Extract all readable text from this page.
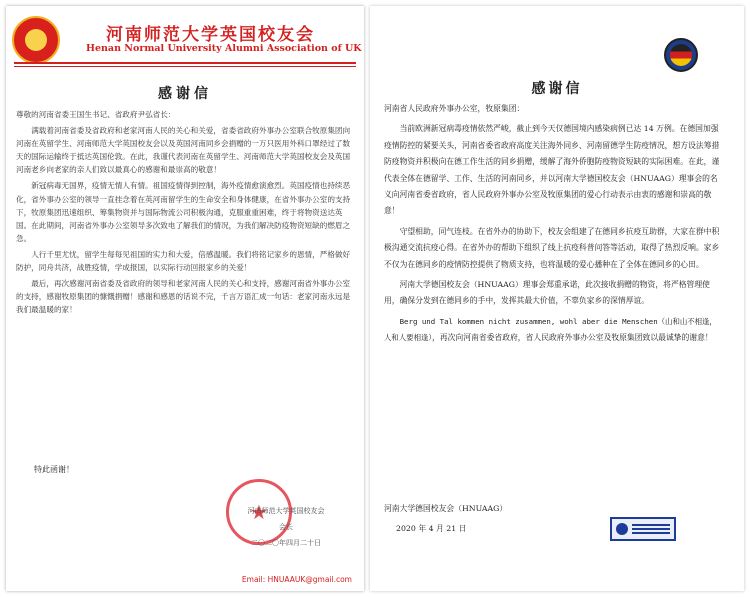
河南师范大学英国校友会
Henan Normal University Alumni Association of UK
感谢信

尊敬的河南省委王国生书记、省政府尹弘省长：

满载着河南省委及省政府和老家河南人民的关心和关爱，省委省政府外事办公室联合牧原集团向河南在英留学生、河南师范大学英国校友会以及英国河南同乡会捐赠的一万只医用外科口罩经过了数天的国际运输终于抵达英国伦敦。在此，我谨代表河南在英留学生、河南师范大学英国校友会及英国河南老乡向老家的亲人们致以最真心的感谢和最崇高的敬意！

新冠病毒无国界，疫情无情人有情。祖国疫情得到控制，海外疫情愈演愈烈。英国疫情也持续恶化，省外事办公室的领导一直挂念着在英河南留学生的生命安全和身体健康，在省外事办公室的支持下，牧原集团迅速组织、筹集物资并与国际物流公司积极沟通，克服重重困难，终于将物资送达英国。在此期间，河南省外事办公室领导多次致电了解我们的情况，为我们解决防疫物资短缺的燃眉之急。

人行千里尤忧，留学生每每见祖国的实力和大爱，倍感温暖。我们将铭记家乡的恩情，严格做好防护，同舟共济，战胜疫情，学成报国，以实际行动回报家乡的关爱！

最后，再次感谢河南省委及省政府的领导和老家河南人民的关心和支持，感谢河南省外事办公室的支持，感谢牧原集团的慷慨捐赠！感谢和感恩的话说不完，千言万语汇成一句话：老家河南永远是我们最温暖的家！

特此函谢！
★
河南师范大学英国校友会
会长
二〇二〇年四月二十日
Email: HNUAAUK@gmail.com
感谢信

河南省人民政府外事办公室，牧原集团：

当前欧洲新冠病毒疫情依然严峻，截止到今天仅德国境内感染病例已达 14 万例。在德国加强疫情防控的紧要关头，河南省委省政府高度关注海外同乡、河南留德学生防疫情况，想方设法筹措防疫物资并积极向在德工作生活的同乡捐赠，缓解了海外侨胞防疫物资短缺的实际困难。在此，谨代表全体在德留学、工作、生活的河南同乡，并以河南大学德国校友会（HNUAAG）理事会的名义向河南省委省政府，省人民政府外事办公室及牧原集团的爱心行动表示由衷的感谢和崇高的敬意！

守望相助，同气连枝。在省外办的协助下，校友会组建了在德同乡抗疫互助群，大家在群中积极沟通交流抗疫心得。在省外办的帮助下组织了线上抗疫科普问答等活动，取得了热烈反响。家乡不仅为在德同乡的疫情防控提供了物质支持，也将温暖的爱心播种在了全体在德同乡的心田。

河南大学德国校友会（HNUAAG）理事会郑重承诺，此次接收捐赠的物资，将严格管理使用，确保分发到在德同乡的手中，发挥其最大价值，不辜负家乡的深情厚谊。

Berg und Tal kommen nicht zusammen, wohl aber die Menschen（山和山不相逢，人和人要相逢），再次向河南省委省政府，省人民政府外事办公室及牧原集团致以最诚挚的谢意！

河南大学德国校友会（HNUAAG）
2020 年 4 月 21 日
